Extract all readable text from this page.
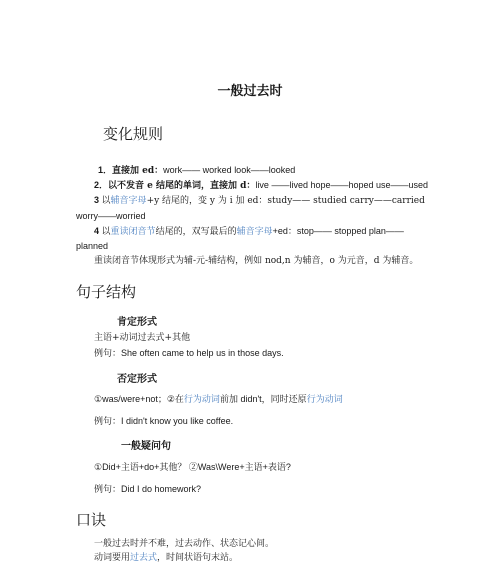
一般过去时
变化规则
1．直接加 ed：work—— worked look——looked
2．以不发音 e 结尾的单词，直接加 d：live ——lived hope——hoped use——used
3 以辅音字母+y 结尾的，变 y 为 i 加 ed：study—— studied carry——carried
worry——worried
4 以重读闭音节结尾的，双写最后的辅音字母+ed：stop—— stopped plan——
planned
重读闭音节体现形式为辅-元-辅结构，例如 nod,n 为辅音，o 为元音，d 为辅音。
句子结构
肯定形式
主语+动词过去式+其他
例句：She often came to help us in those days.
否定形式
①was/were+not；②在行为动词前加 didn't，同时还原行为动词
例句：I didn't know you like coffee.
一般疑问句
①Did+主语+do+其他？ ②Was\Were+主语+表语?
例句：Did I do homework?
口诀
一般过去时并不难，过去动作、状态记心间。
动词要用过去式，时间状语句末站。
